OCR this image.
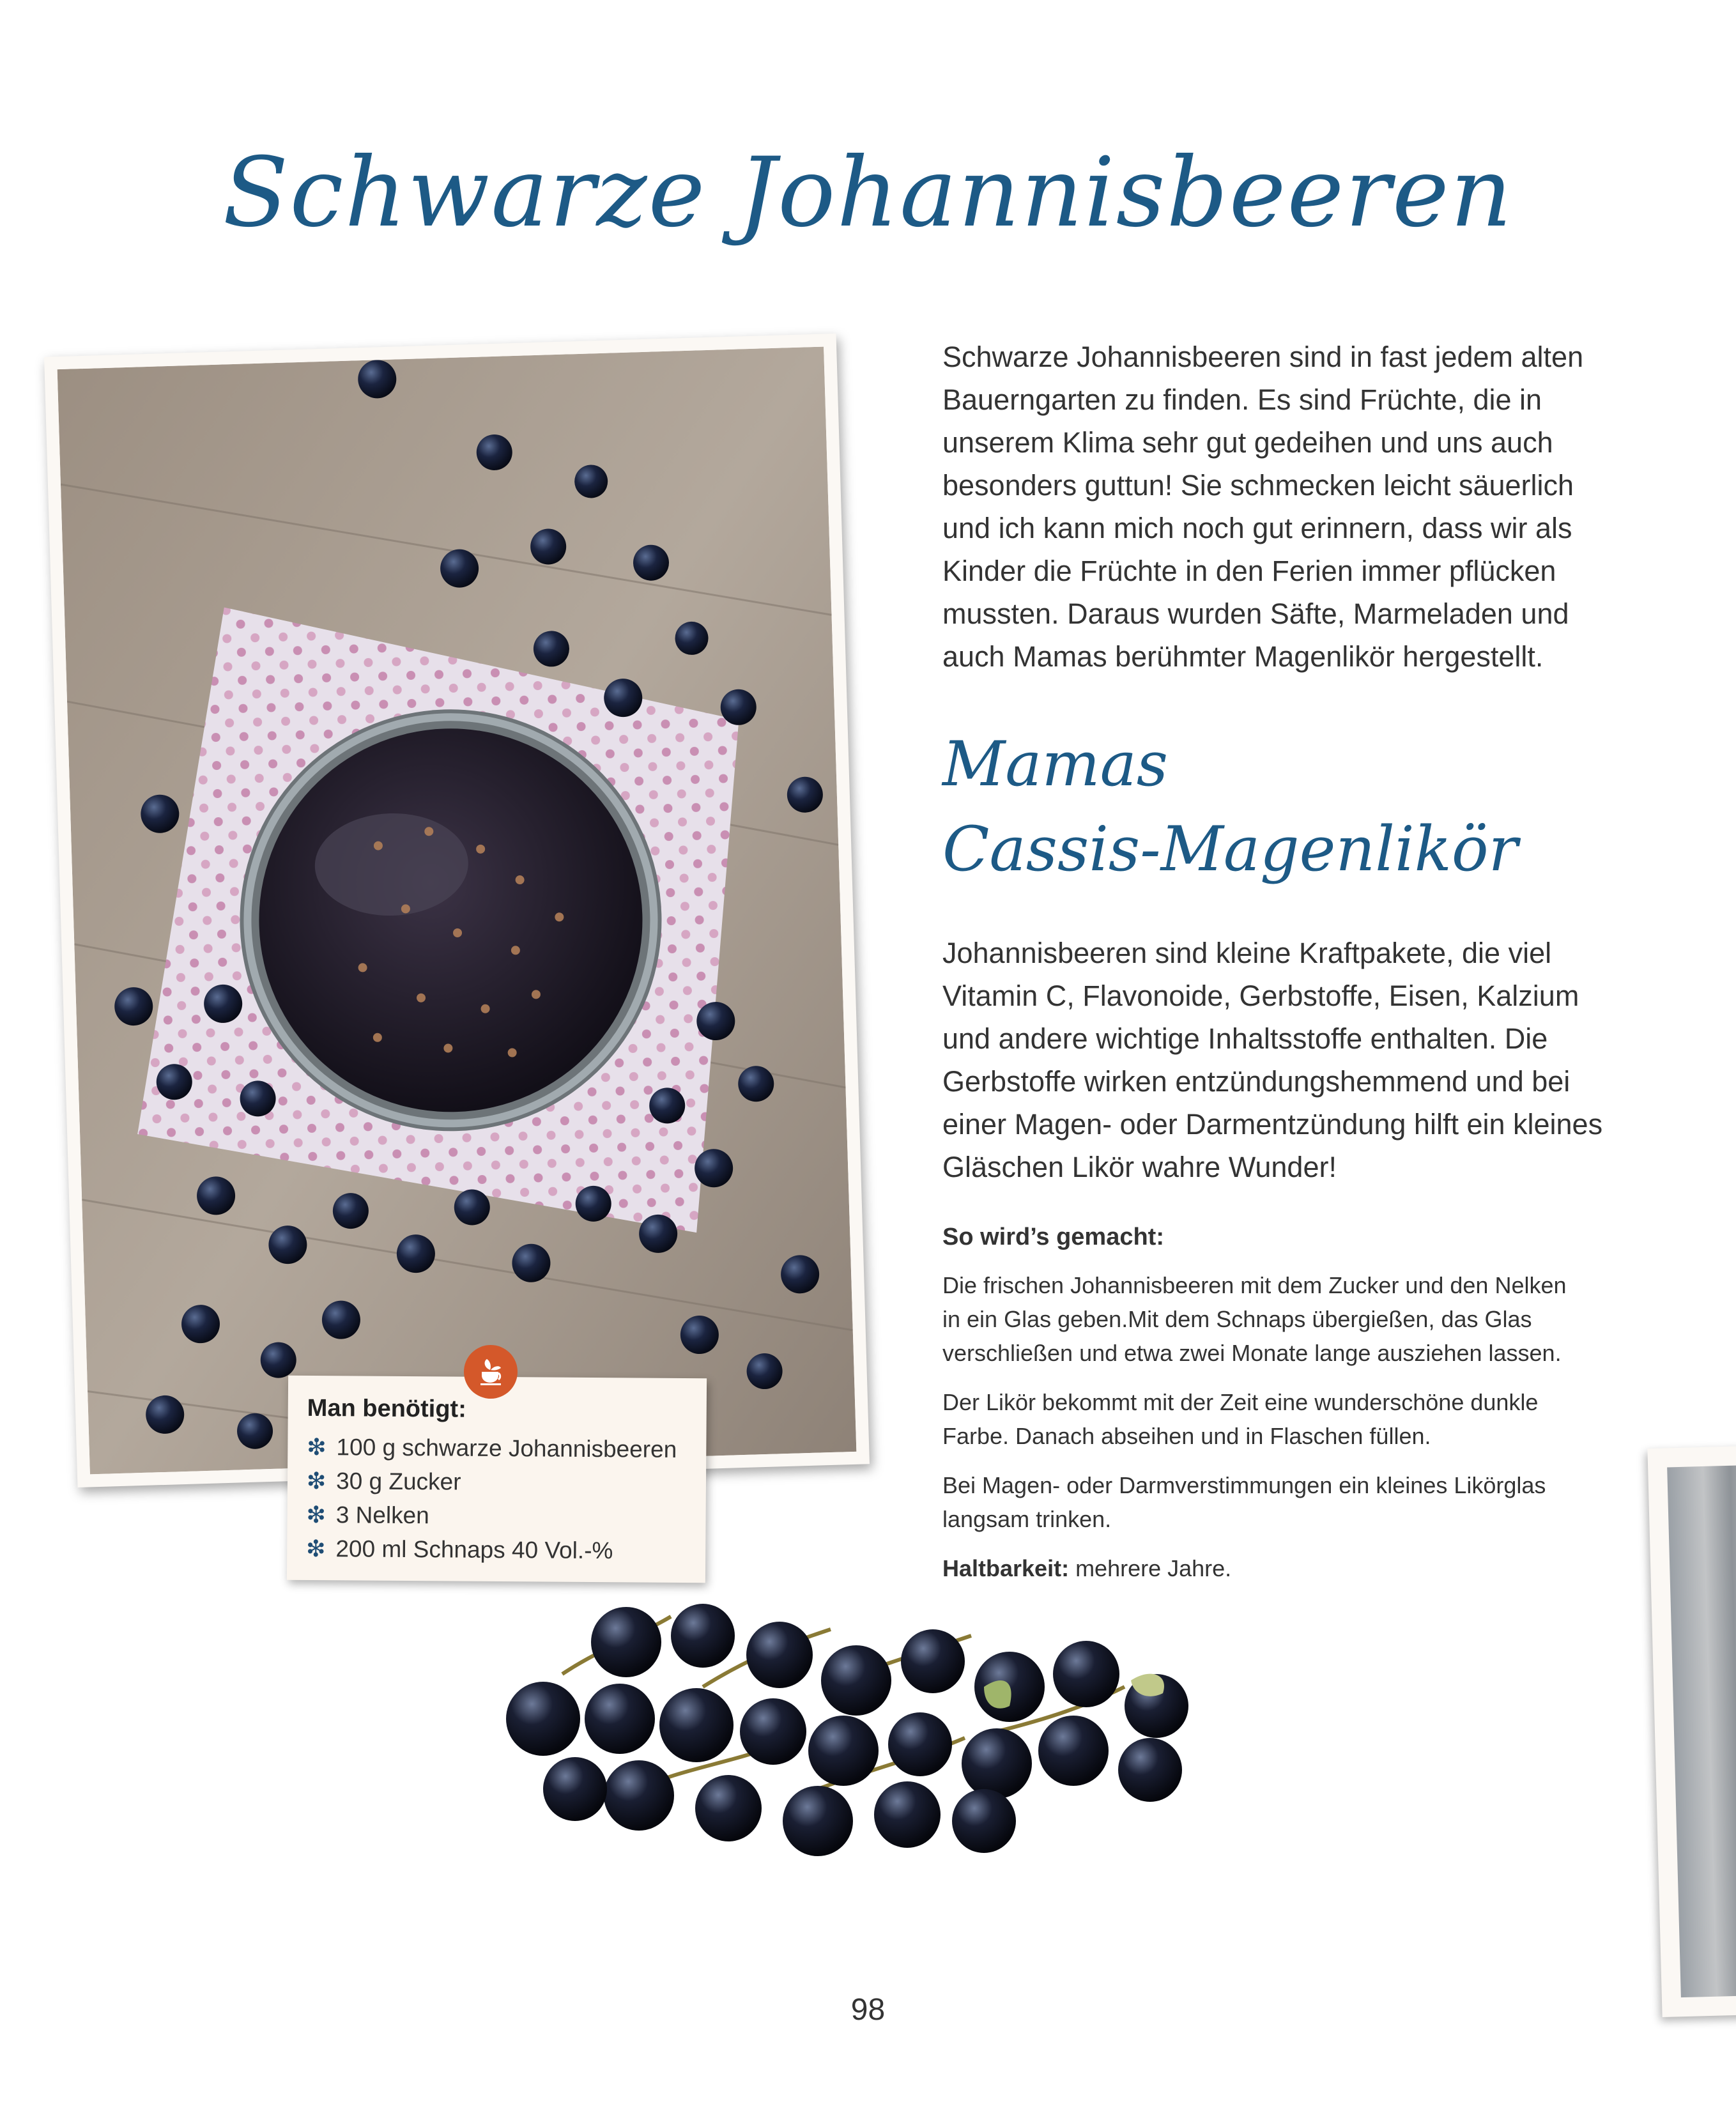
Schwarze Johannisbeeren

Schwarze Johannisbeeren sind in fast jedem alten Bauerngarten zu finden. Es sind Früchte, die in unserem Klima sehr gut gedeihen und uns auch besonders guttun! Sie schmecken leicht säuerlich und ich kann mich noch gut erinnern, dass wir als Kinder die Früchte in den Ferien immer pflücken mussten. Daraus wurden Säfte, Marmeladen und auch Mamas berühmter Magenlikör hergestellt.

Mamas
Cassis-Magenlikör

Johannisbeeren sind kleine Kraftpakete, die viel Vitamin C, Flavonoide, Gerbstoffe, Eisen, Kalzium und andere wichtige Inhaltsstoffe enthalten. Die Gerbstoffe wirken entzündungshemmend und bei einer Magen- oder Darmentzündung hilft ein kleines Gläschen Likör wahre Wunder!

So wird’s gemacht:

Die frischen Johannisbeeren mit dem Zucker und den Nelken in ein Glas geben.Mit dem Schnaps übergießen, das Glas verschließen und etwa zwei Monate lange ausziehen lassen.

Der Likör bekommt mit der Zeit eine wunderschöne dunkle Farbe. Danach abseihen und in Flaschen füllen.

Bei Magen- oder Darmverstimmungen ein kleines Likörglas langsam trinken.

Haltbarkeit: mehrere Jahre.

Man benötigt:
❇ 100 g schwarze Johannisbeeren
❇ 30 g Zucker
❇ 3 Nelken
❇ 200 ml Schnaps 40 Vol.-%

98
